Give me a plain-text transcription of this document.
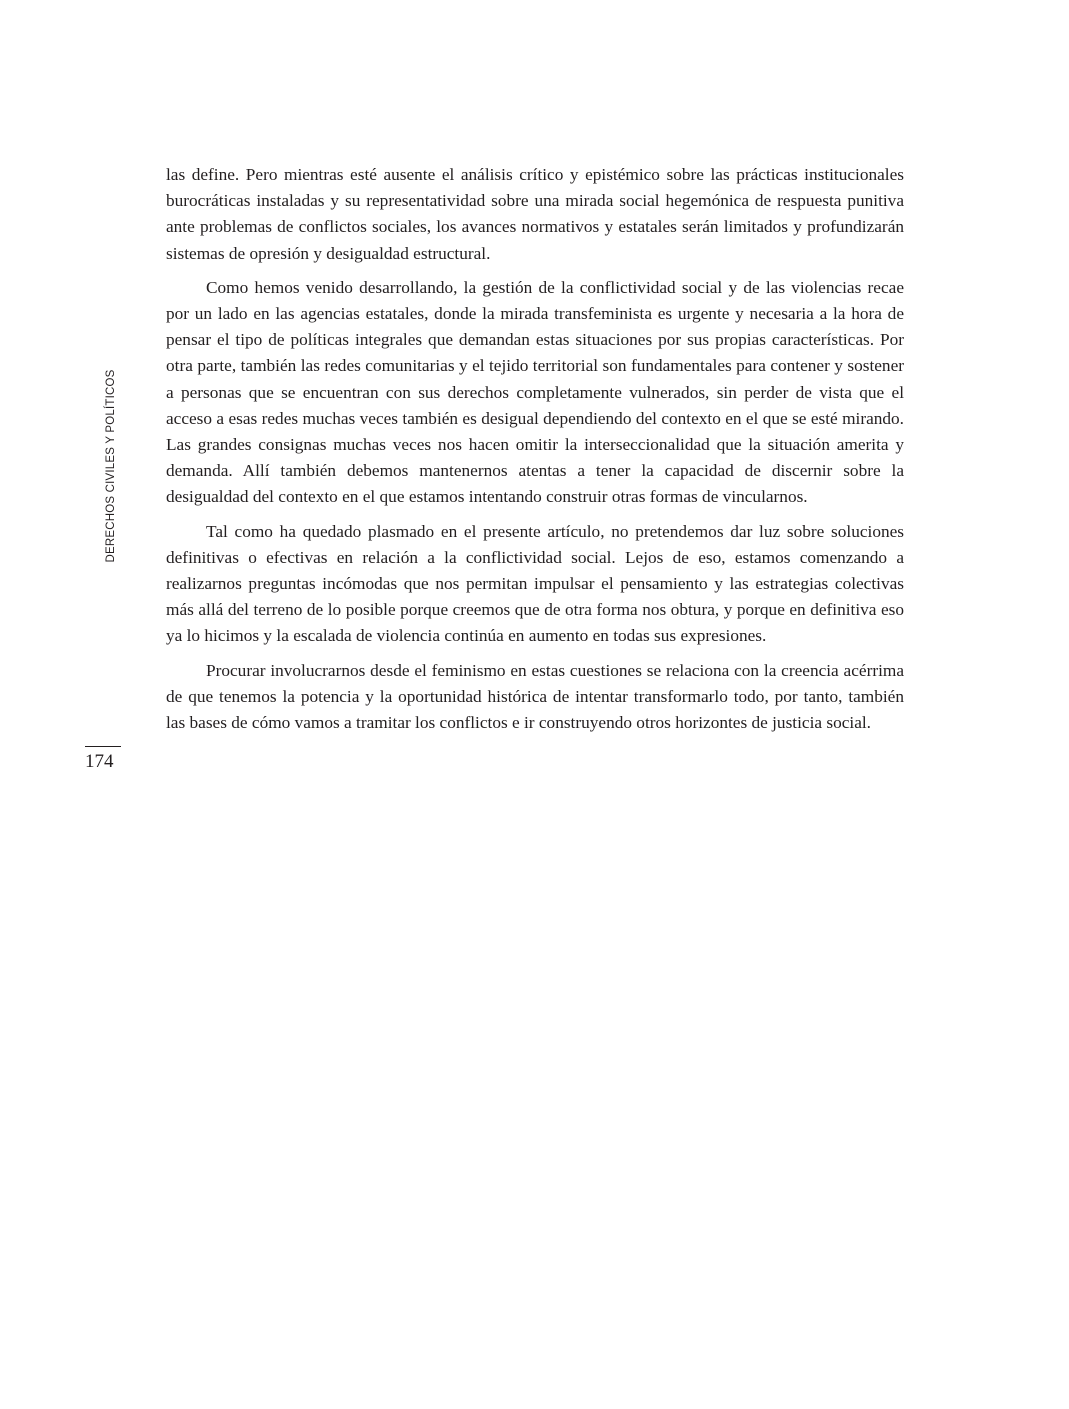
DERECHOS CIVILES Y POLÍTICOS
174

las define. Pero mientras esté ausente el análisis crítico y epistémico sobre las prácticas institucionales burocráticas instaladas y su representatividad sobre una mirada social hegemónica de respuesta punitiva ante problemas de conflictos sociales, los avances normativos y estatales serán limitados y profundizarán sistemas de opresión y desigualdad estructural.

Como hemos venido desarrollando, la gestión de la conflictividad social y de las violencias recae por un lado en las agencias estatales, donde la mirada transfeminista es urgente y necesaria a la hora de pensar el tipo de políticas integrales que demandan estas situaciones por sus propias características. Por otra parte, también las redes comunitarias y el tejido territorial son fundamentales para contener y sostener a personas que se encuentran con sus derechos completamente vulnerados, sin perder de vista que el acceso a esas redes muchas veces también es desigual dependiendo del contexto en el que se esté mirando. Las grandes consignas muchas veces nos hacen omitir la interseccionalidad que la situación amerita y demanda. Allí también debemos mantenernos atentas a tener la capacidad de discernir sobre la desigualdad del contexto en el que estamos intentando construir otras formas de vincularnos.

Tal como ha quedado plasmado en el presente artículo, no pretendemos dar luz sobre soluciones definitivas o efectivas en relación a la conflictividad social. Lejos de eso, estamos comenzando a realizarnos preguntas incómodas que nos permitan impulsar el pensamiento y las estrategias colectivas más allá del terreno de lo posible porque creemos que de otra forma nos obtura, y porque en definitiva eso ya lo hicimos y la escalada de violencia continúa en aumento en todas sus expresiones.

Procurar involucrarnos desde el feminismo en estas cuestiones se relaciona con la creencia acérrima de que tenemos la potencia y la oportunidad histórica de intentar transformarlo todo, por tanto, también las bases de cómo vamos a tramitar los conflictos e ir construyendo otros horizontes de justicia social.
